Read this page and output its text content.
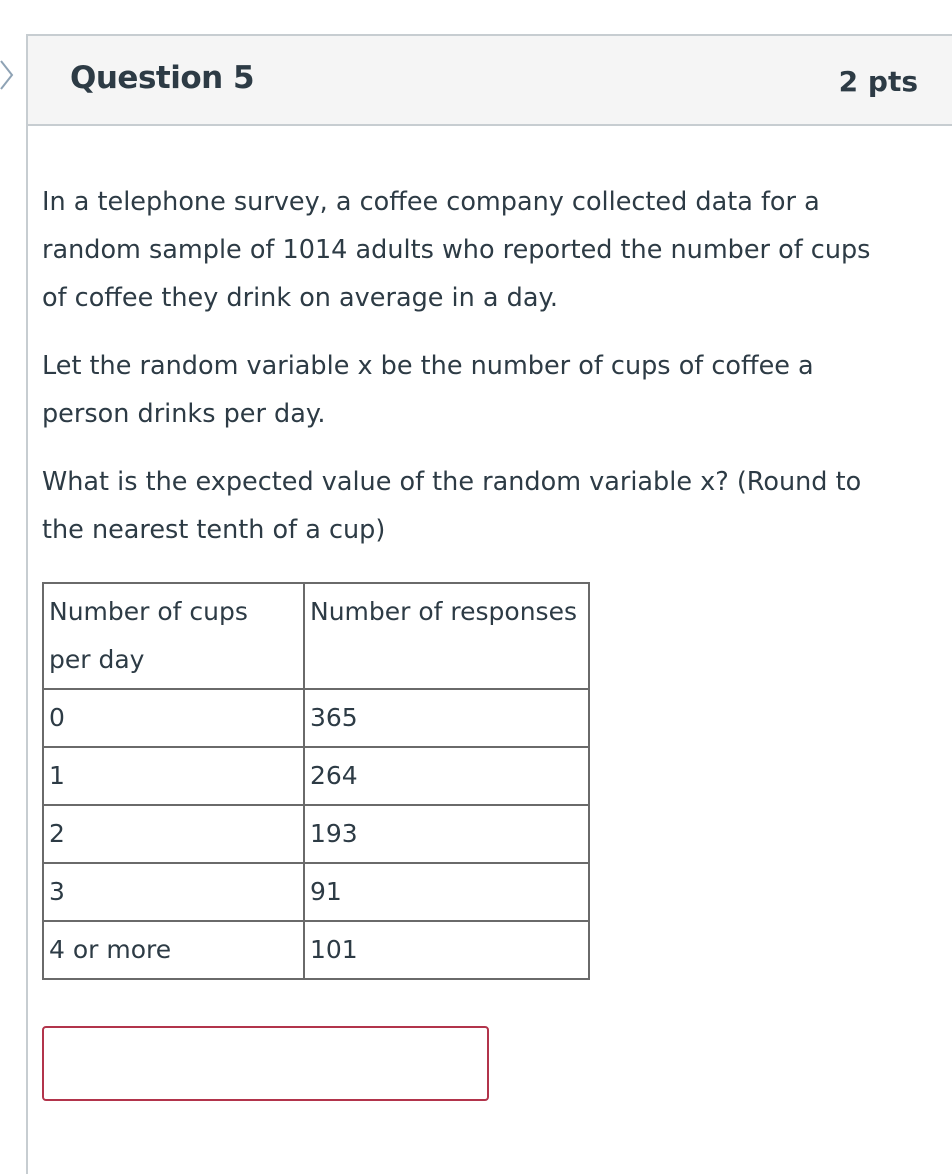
Question 5	2 pts

In a telephone survey, a coffee company collected data for a random sample of 1014 adults who reported the number of cups of coffee they drink on average in a day.

Let the random variable x be the number of cups of coffee a person drinks per day.

What is the expected value of the random variable x? (Round to the nearest tenth of a cup)

Number of cups per day	Number of responses
0	365
1	264
2	193
3	91
4 or more	101
